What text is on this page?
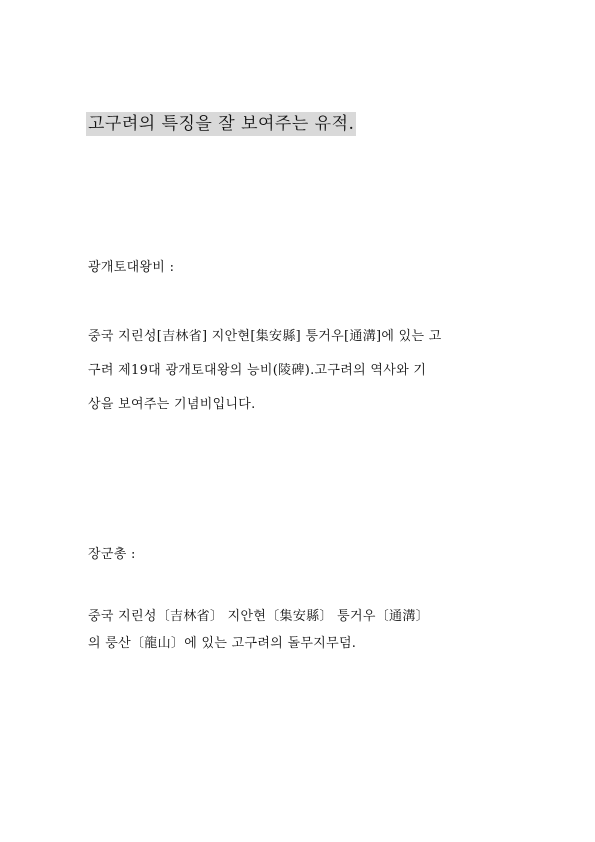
고구려의 특징을 잘 보여주는 유적.
광개토대왕비 :
중국 지린성[吉林省] 지안현[集安縣] 퉁거우[通溝]에 있는 고
구려 제19대 광개토대왕의 능비(陵碑).고구려의 역사와 기
상을 보여주는 기념비입니다.
장군총 :
중국 지린성〔吉林省〕 지안현〔集安縣〕 퉁거우〔通溝〕
의 룽산〔龍山〕에 있는 고구려의 돌무지무덤.
